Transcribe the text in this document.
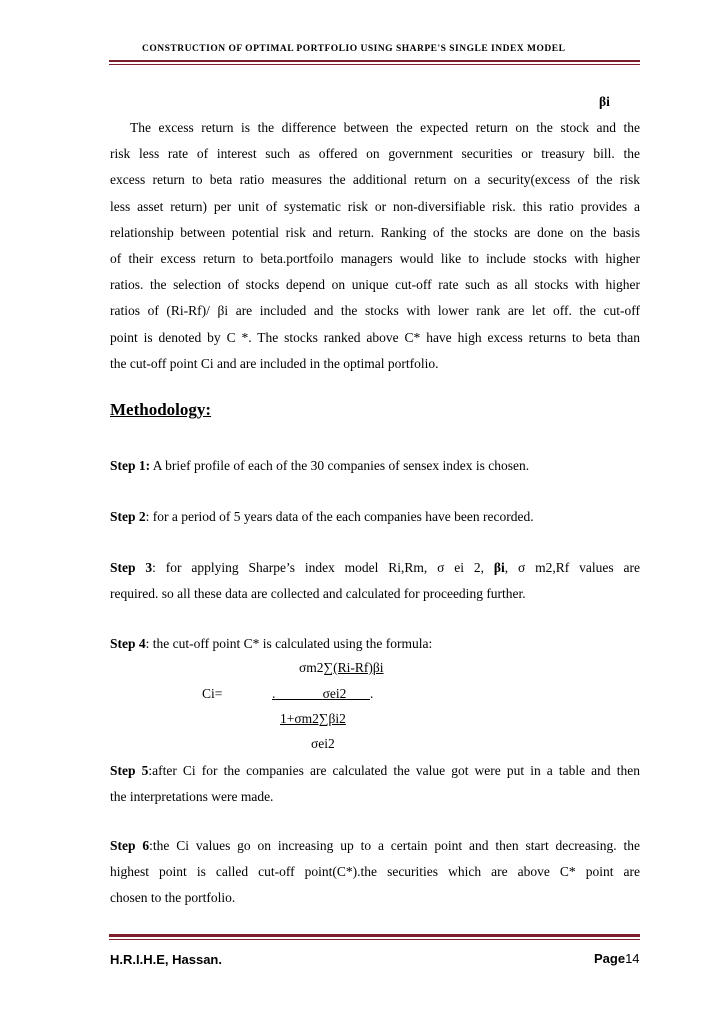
CONSTRUCTION OF OPTIMAL PORTFOLIO USING SHARPE'S SINGLE INDEX MODEL
βi
The excess return is the difference between the expected return on the stock and the
risk less rate of interest such as offered on government securities or treasury bill. the
excess return to beta ratio measures the additional return on a security(excess of the risk
less asset return) per unit of systematic risk or non-diversifiable risk. this ratio provides a
relationship between potential risk and return. Ranking of the stocks are done on the basis
of their excess return to beta.portfoilo managers would like to include stocks with higher
ratios. the selection of stocks depend on unique cut-off rate such as all stocks with higher
ratios of (Ri-Rf)/ βi are included and the stocks with lower rank are let off. the cut-off
point is denoted by C *. The stocks ranked above C* have high excess returns to beta than
the cut-off point Ci and are included in the optimal portfolio.
Methodology:
Step 1: A brief profile of each of the 30 companies of sensex index is chosen.
Step 2: for a period of 5 years data of the each companies have been recorded.
Step 3: for applying Sharpe’s index model Ri,Rm, σ ei 2, βi, σ m2,Rf values are
required. so all these data are collected and calculated for proceeding further.
Step 4: the cut-off point C* is calculated using the formula:
σm2∑(Ri-Rf)βi
Ci=	.	σei2 .
1+σm2∑βi2
σei2
Step 5:after Ci for the companies are calculated the value got were put in a table and then
the interpretations were made.
Step 6:the Ci values go on increasing up to a certain point and then start decreasing. the
highest point is called cut-off point(C*).the securities which are above C* point are
chosen to the portfolio.
H.R.I.H.E, Hassan.	Page14
